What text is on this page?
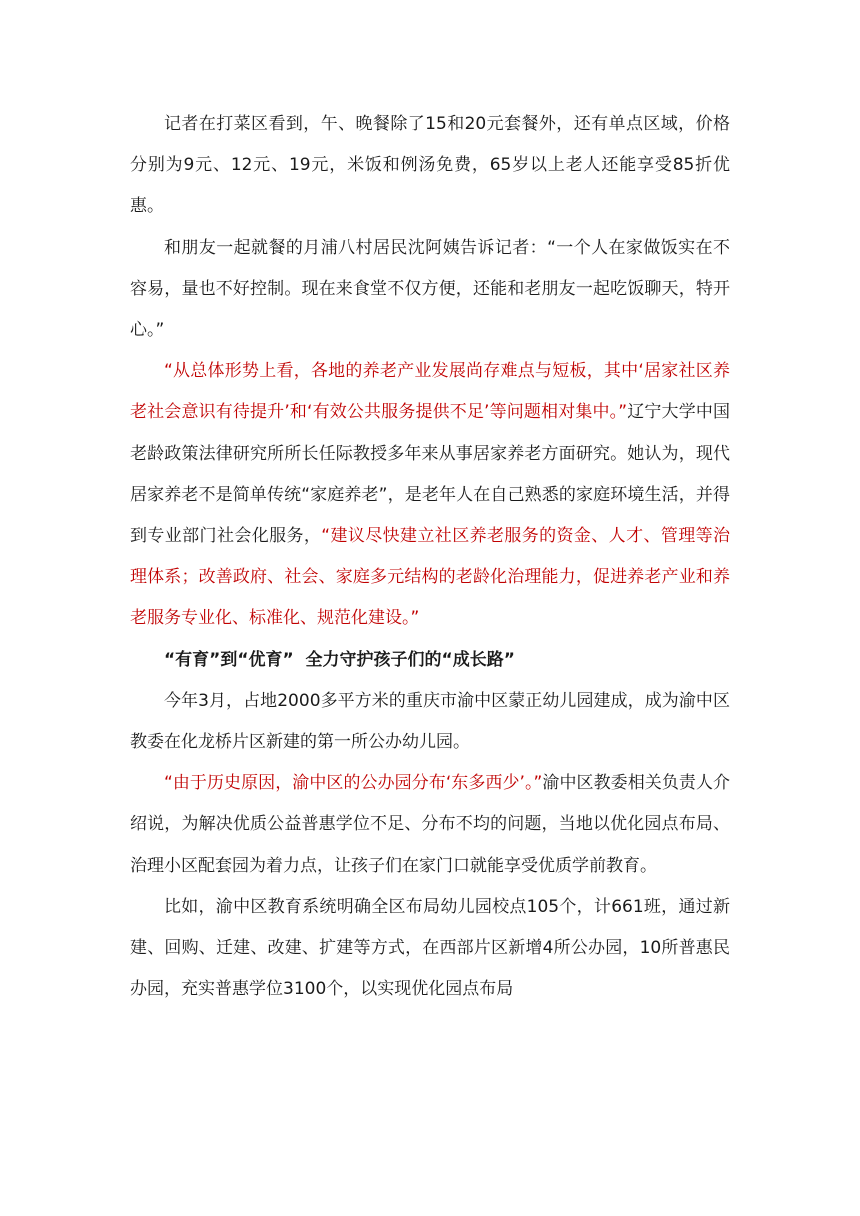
记者在打菜区看到，午、晚餐除了15和20元套餐外，还有单点区域，价格分别为9元、12元、19元，米饭和例汤免费，65岁以上老人还能享受85折优惠。

和朋友一起就餐的月浦八村居民沈阿姨告诉记者：“一个人在家做饭实在不容易，量也不好控制。现在来食堂不仅方便，还能和老朋友一起吃饭聊天，特开心。”

“从总体形势上看，各地的养老产业发展尚存难点与短板，其中‘居家社区养老社会意识有待提升’和‘有效公共服务提供不足’等问题相对集中。”辽宁大学中国老龄政策法律研究所所长任际教授多年来从事居家养老方面研究。她认为，现代居家养老不是简单传统“家庭养老”，是老年人在自己熟悉的家庭环境生活，并得到专业部门社会化服务，“建议尽快建立社区养老服务的资金、人才、管理等治理体系；改善政府、社会、家庭多元结构的老龄化治理能力，促进养老产业和养老服务专业化、标准化、规范化建设。”

“有育”到“优育”  全力守护孩子们的“成长路”

今年3月，占地2000多平方米的重庆市渝中区蒙正幼儿园建成，成为渝中区教委在化龙桥片区新建的第一所公办幼儿园。

“由于历史原因，渝中区的公办园分布‘东多西少’。”渝中区教委相关负责人介绍说，为解决优质公益普惠学位不足、分布不均的问题，当地以优化园点布局、治理小区配套园为着力点，让孩子们在家门口就能享受优质学前教育。

比如，渝中区教育系统明确全区布局幼儿园校点105个，计661班，通过新建、回购、迁建、改建、扩建等方式，在西部片区新增4所公办园，10所普惠民办园，充实普惠学位3100个，以实现优化园点布局
